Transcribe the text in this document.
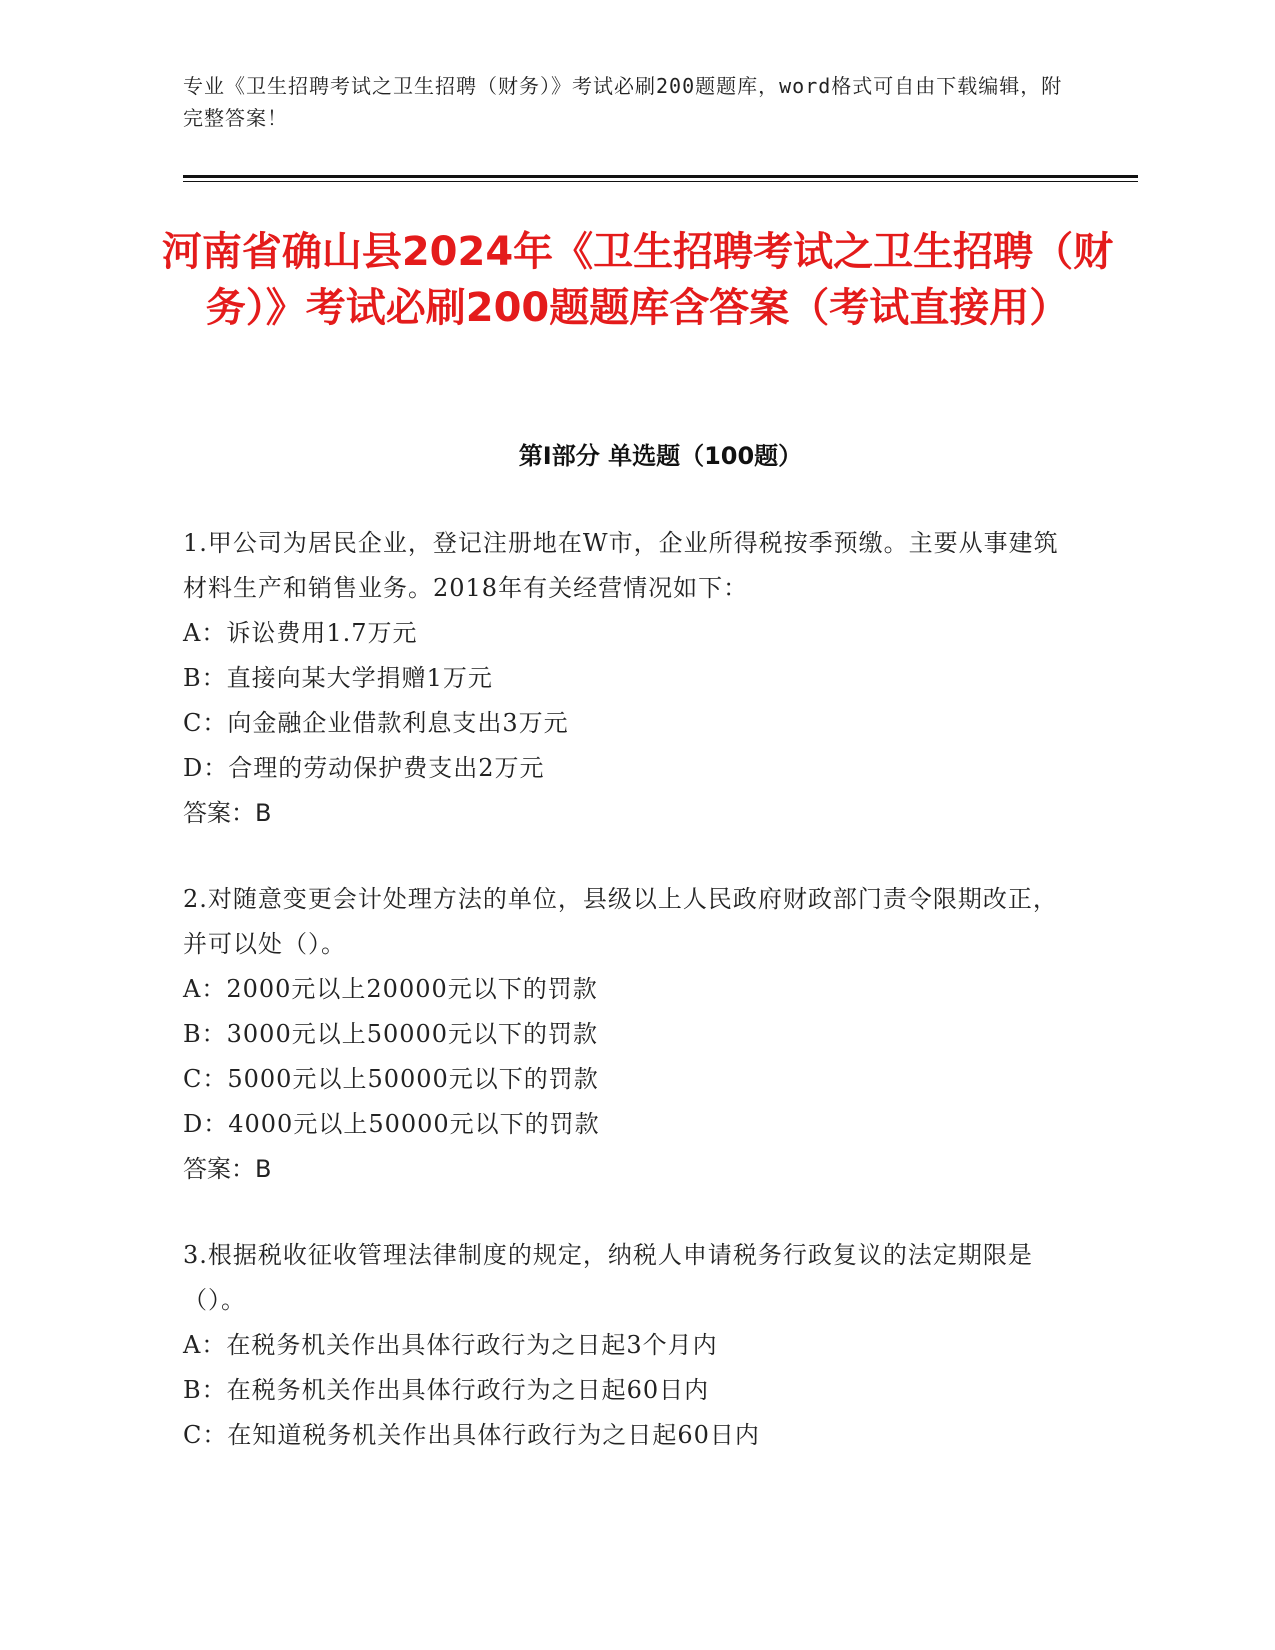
专业《卫生招聘考试之卫生招聘（财务）》考试必刷200题题库，word格式可自由下载编辑，附完整答案！
河南省确山县2024年《卫生招聘考试之卫生招聘（财务）》考试必刷200题题库含答案（考试直接用）
第I部分 单选题（100题）
1.甲公司为居民企业，登记注册地在W市，企业所得税按季预缴。主要从事建筑材料生产和销售业务。2018年有关经营情况如下：
A：诉讼费用1.7万元
B：直接向某大学捐赠1万元
C：向金融企业借款利息支出3万元
D：合理的劳动保护费支出2万元
答案：B
2.对随意变更会计处理方法的单位，县级以上人民政府财政部门责令限期改正，并可以处（）。
A：2000元以上20000元以下的罚款
B：3000元以上50000元以下的罚款
C：5000元以上50000元以下的罚款
D：4000元以上50000元以下的罚款
答案：B
3.根据税收征收管理法律制度的规定，纳税人申请税务行政复议的法定期限是（）。
A：在税务机关作出具体行政行为之日起3个月内
B：在税务机关作出具体行政行为之日起60日内
C：在知道税务机关作出具体行政行为之日起60日内
